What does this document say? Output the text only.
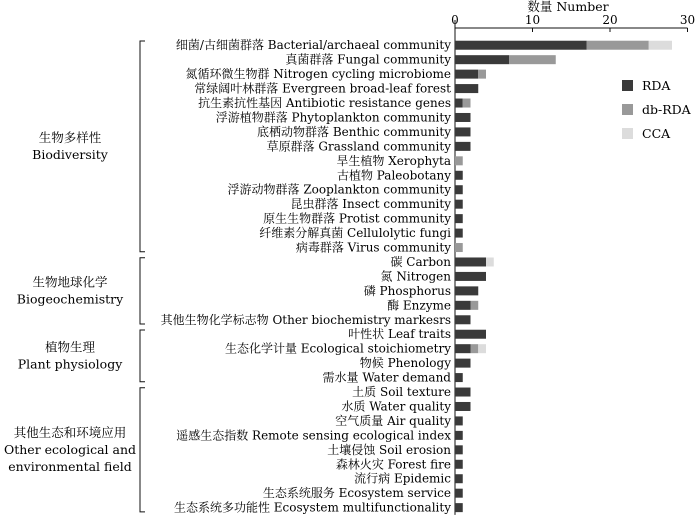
0	10	20	30
数量 Number
细菌/古细菌群落 Bacterial/archaeal community
真菌群落 Fungal community
氮循环微生物群 Nitrogen cycling microbiome
常绿阔叶林群落 Evergreen broad-leaf forest
抗生素抗性基因 Antibiotic resistance genes
浮游植物群落 Phytoplankton community
底栖动物群落 Benthic community
草原群落 Grassland community
旱生植物 Xerophyta
古植物 Paleobotany
浮游动物群落 Zooplankton community
昆虫群落 Insect community
原生生物群落 Protist community
纤维素分解真菌 Cellulolytic fungi
病毒群落 Virus community
碳 Carbon
氮 Nitrogen
磷 Phosphorus
酶 Enzyme
其他生物化学标志物 Other biochemistry markesrs
叶性状 Leaf traits
生态化学计量 Ecological stoichiometry
物候 Phenology
需水量 Water demand
土质 Soil texture
水质 Water quality
空气质量 Air quality
遥感生态指数 Remote sensing ecological index
土壤侵蚀 Soil erosion
森林火灾 Forest fire
流行病 Epidemic
生态系统服务 Ecosystem service
生态系统多功能性 Ecosystem multifunctionality
生物多样性
Biodiversity
生物地球化学
Biogeochemistry
植物生理
Plant physiology
其他生态和环境应用
Other ecological and
environmental field
RDA
db-RDA
CCA
